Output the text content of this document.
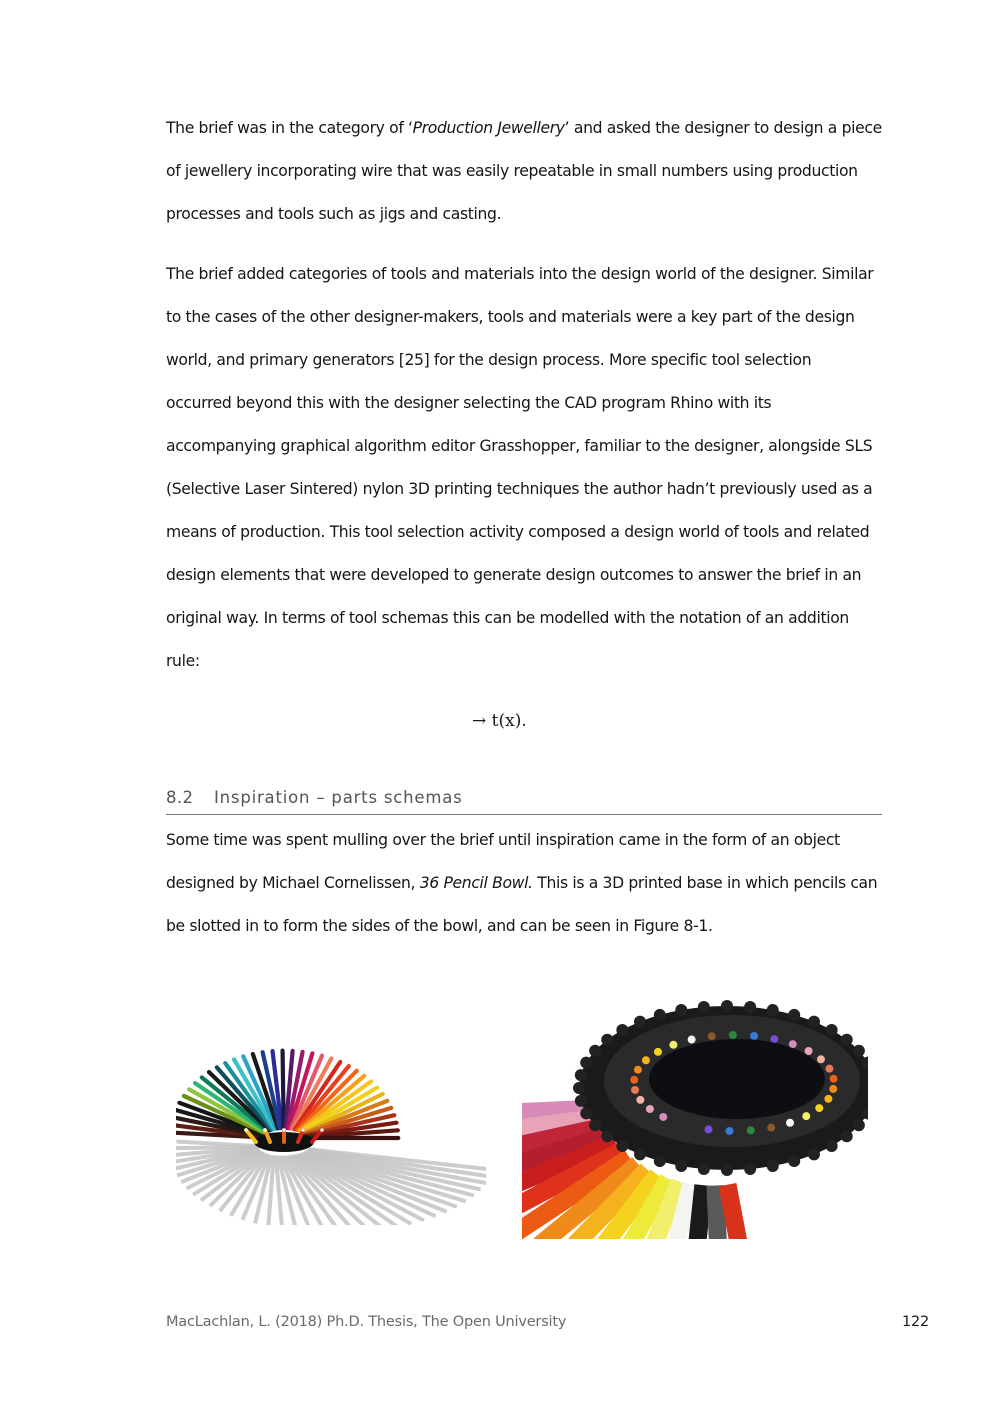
The brief was in the category of ‘Production Jewellery’ and asked the designer to design a piece
of jewellery incorporating wire that was easily repeatable in small numbers using production
processes and tools such as jigs and casting.
The brief added categories of tools and materials into the design world of the designer. Similar
to the cases of the other designer-makers, tools and materials were a key part of the design
world, and primary generators [25] for the design process. More specific tool selection
occurred beyond this with the designer selecting the CAD program Rhino with its
accompanying graphical algorithm editor Grasshopper, familiar to the designer, alongside SLS
(Selective Laser Sintered) nylon 3D printing techniques the author hadn’t previously used as a
means of production. This tool selection activity composed a design world of tools and related
design elements that were developed to generate design outcomes to answer the brief in an
original way. In terms of tool schemas this can be modelled with the notation of an addition
rule:
→ t(x).
8.2 Inspiration – parts schemas
Some time was spent mulling over the brief until inspiration came in the form of an object
designed by Michael Cornelissen, 36 Pencil Bowl. This is a 3D printed base in which pencils can
be slotted in to form the sides of the bowl, and can be seen in Figure 8-1.
MacLachlan, L. (2018) Ph.D. Thesis, The Open University	122
